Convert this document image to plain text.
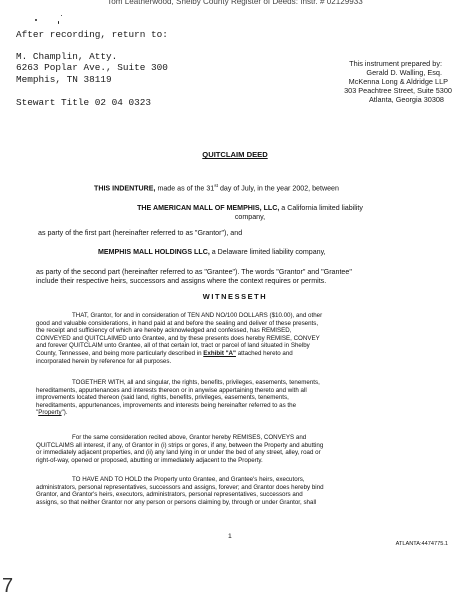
Tom Leatherwood, Shelby County Register of Deeds: Instr. # 02129933
After recording, return to:
M. Champlin, Atty.
6263 Poplar Ave., Suite 300
Memphis, TN 38119
Stewart Title 02 04 0323
This instrument prepared by:
Gerald D. Walling, Esq.
McKenna Long & Aldridge LLP
303 Peachtree Street, Suite 5300
Atlanta, Georgia 30308
QUITCLAIM DEED
THIS INDENTURE, made as of the 31st day of July, in the year 2002, between
THE AMERICAN MALL OF MEMPHIS, LLC, a California limited liability
company,
as party of the first part (hereinafter referred to as "Grantor"), and
MEMPHIS MALL HOLDINGS LLC, a Delaware limited liability company,
as party of the second part (hereinafter referred to as "Grantee"). The words "Grantor" and "Grantee"
include their respective heirs, successors and assigns where the context requires or permits.
WITNESSETH
THAT, Grantor, for and in consideration of TEN AND NO/100 DOLLARS ($10.00), and other
good and valuable considerations, in hand paid at and before the sealing and deliver of these presents,
the receipt and sufficiency of which are hereby acknowledged and confessed, has REMISED,
CONVEYED and QUITCLAIMED unto Grantee, and by these presents does hereby REMISE, CONVEY
and forever QUITCLAIM unto Grantee, all of that certain lot, tract or parcel of land situated in Shelby
County, Tennessee, and being more particularly described in Exhibit "A" attached hereto and
incorporated herein by reference for all purposes.
TOGETHER WITH, all and singular, the rights, benefits, privileges, easements, tenements,
hereditaments, appurtenances and interests thereon or in anywise appertaining thereto and with all
improvements located thereon (said land, rights, benefits, privileges, easements, tenements,
hereditaments, appurtenances, improvements and interests being hereinafter referred to as the
"Property").
For the same consideration recited above, Grantor hereby REMISES, CONVEYS and
QUITCLAIMS all interest, if any, of Grantor in (i) strips or gores, if any, between the Property and abutting
or immediately adjacent properties, and (ii) any land lying in or under the bed of any street, alley, road or
right-of-way, opened or proposed, abutting or immediately adjacent to the Property.
TO HAVE AND TO HOLD the Property unto Grantee, and Grantee's heirs, executors,
administrators, personal representatives, successors and assigns, forever; and Grantor does hereby bind
Grantor, and Grantor's heirs, executors, administrators, personal representatives, successors and
assigns, so that neither Grantor nor any person or persons claiming by, through or under Grantor, shall
1
ATLANTA:4474775.1
7
